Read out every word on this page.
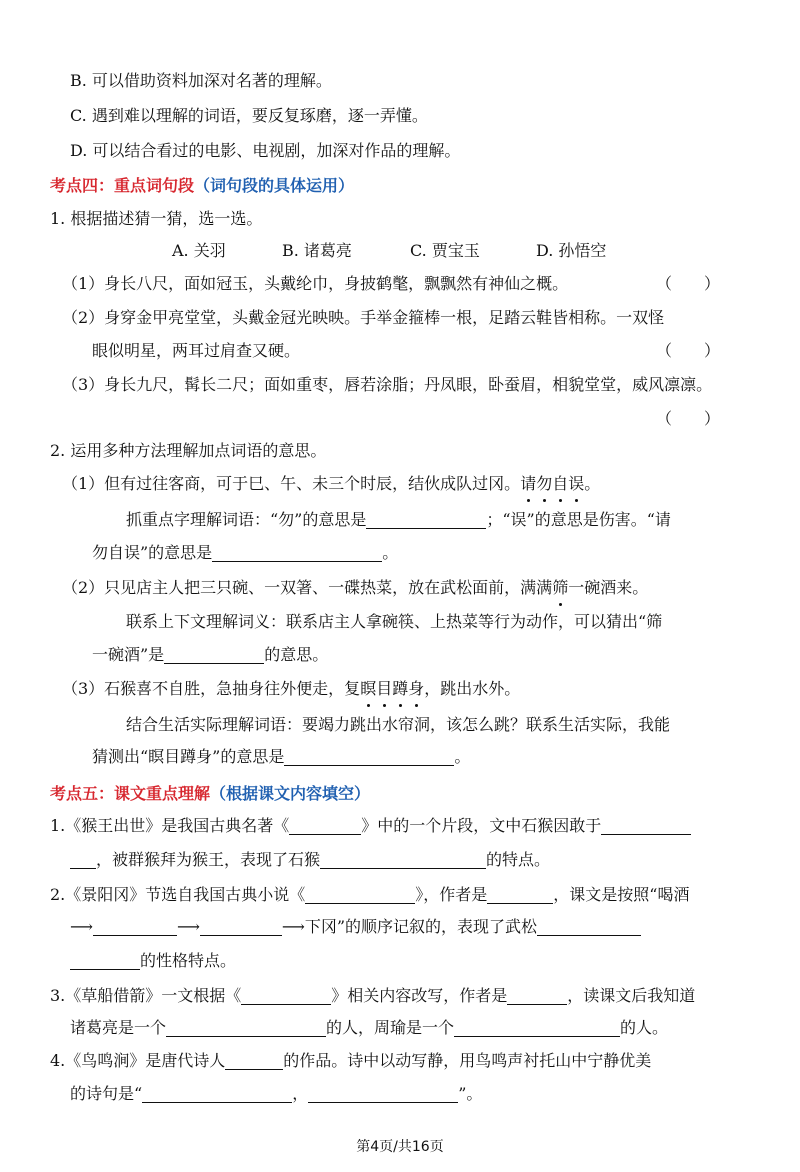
B. 可以借助资料加深对名著的理解。
C. 遇到难以理解的词语，要反复琢磨，逐一弄懂。
D. 可以结合看过的电影、电视剧，加深对作品的理解。
考点四：重点词句段（词句段的具体运用）
1. 根据描述猜一猜，选一选。
A. 关羽	B. 诸葛亮	C. 贾宝玉	D. 孙悟空
（1）身长八尺，面如冠玉，头戴纶巾，身披鹤氅，飘飘然有神仙之概。	（　　）
（2）身穿金甲亮堂堂，头戴金冠光映映。手举金箍棒一根，足踏云鞋皆相称。一双怪
眼似明星，两耳过肩查又硬。	（　　）
（3）身长九尺，髯长二尺；面如重枣，唇若涂脂；丹凤眼，卧蚕眉，相貌堂堂，威风凛凛。
（　　）
2. 运用多种方法理解加点词语的意思。
（1）但有过往客商，可于巳、午、未三个时辰，结伙成队过冈。请勿自误。
抓重点字理解词语：“勿”的意思是	；“误”的意思是伤害。“请
勿自误”的意思是	。
（2）只见店主人把三只碗、一双箸、一碟热菜，放在武松面前，满满筛一碗酒来。
联系上下文理解词义：联系店主人拿碗筷、上热菜等行为动作，可以猜出“筛
一碗酒”是	的意思。
（3）石猴喜不自胜，急抽身往外便走，复瞑目蹲身，跳出水外。
结合生活实际理解词语：要竭力跳出水帘洞，该怎么跳？联系生活实际，我能
猜测出“瞑目蹲身”的意思是	。
考点五：课文重点理解（根据课文内容填空）
1.《猴王出世》是我国古典名著《	》中的一个片段，文中石猴因敢于
，被群猴拜为猴王，表现了石猴	的特点。
2.《景阳冈》节选自我国古典小说《	》，作者是	，课文是按照“喝酒
⟶	⟶	⟶下冈”的顺序记叙的，表现了武松
的性格特点。
3.《草船借箭》一文根据《	》相关内容改写，作者是	，读课文后我知道
诸葛亮是一个	的人，周瑜是一个	的人。
4.《鸟鸣涧》是唐代诗人	的作品。诗中以动写静，用鸟鸣声衬托山中宁静优美
的诗句是“	，	”。
第4页/共16页
